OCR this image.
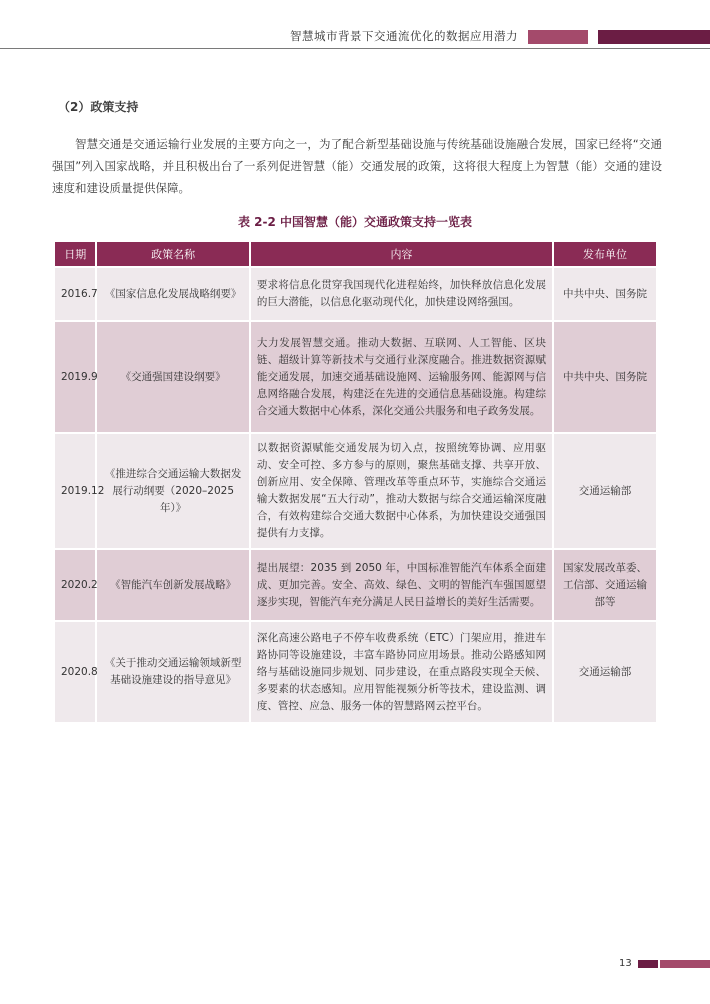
智慧城市背景下交通流优化的数据应用潜力
（2）政策支持
智慧交通是交通运输行业发展的主要方向之一，为了配合新型基础设施与传统基础设施融合发展，国家已经将“交通强国”列入国家战略，并且积极出台了一系列促进智慧（能）交通发展的政策，这将很大程度上为智慧（能）交通的建设速度和建设质量提供保障。
表 2-2 中国智慧（能）交通政策支持一览表
日期	政策名称	内容	发布单位
2016.7	《国家信息化发展战略纲要》	要求将信息化贯穿我国现代化进程始终，加快释放信息化发展的巨大潜能，以信息化驱动现代化，加快建设网络强国。	中共中央、国务院
2019.9	《交通强国建设纲要》	大力发展智慧交通。推动大数据、互联网、人工智能、区块链、超级计算等新技术与交通行业深度融合。推进数据资源赋能交通发展，加速交通基础设施网、运输服务网、能源网与信息网络融合发展，构建泛在先进的交通信息基础设施。构建综合交通大数据中心体系，深化交通公共服务和电子政务发展。	中共中央、国务院
2019.12	《推进综合交通运输大数据发展行动纲要（2020–2025 年）》	以数据资源赋能交通发展为切入点，按照统筹协调、应用驱动、安全可控、多方参与的原则，聚焦基础支撑、共享开放、创新应用、安全保障、管理改革等重点环节，实施综合交通运输大数据发展“五大行动”，推动大数据与综合交通运输深度融合，有效构建综合交通大数据中心体系，为加快建设交通强国提供有力支撑。	交通运输部
2020.2	《智能汽车创新发展战略》	提出展望：2035 到 2050 年，中国标准智能汽车体系全面建成、更加完善。安全、高效、绿色、文明的智能汽车强国愿望逐步实现，智能汽车充分满足人民日益增长的美好生活需要。	国家发展改革委、工信部、交通运输部等
2020.8	《关于推动交通运输领域新型基础设施建设的指导意见》	深化高速公路电子不停车收费系统（ETC）门架应用，推进车路协同等设施建设，丰富车路协同应用场景。推动公路感知网络与基础设施同步规划、同步建设，在重点路段实现全天候、多要素的状态感知。应用智能视频分析等技术，建设监测、调度、管控、应急、服务一体的智慧路网云控平台。	交通运输部
13
